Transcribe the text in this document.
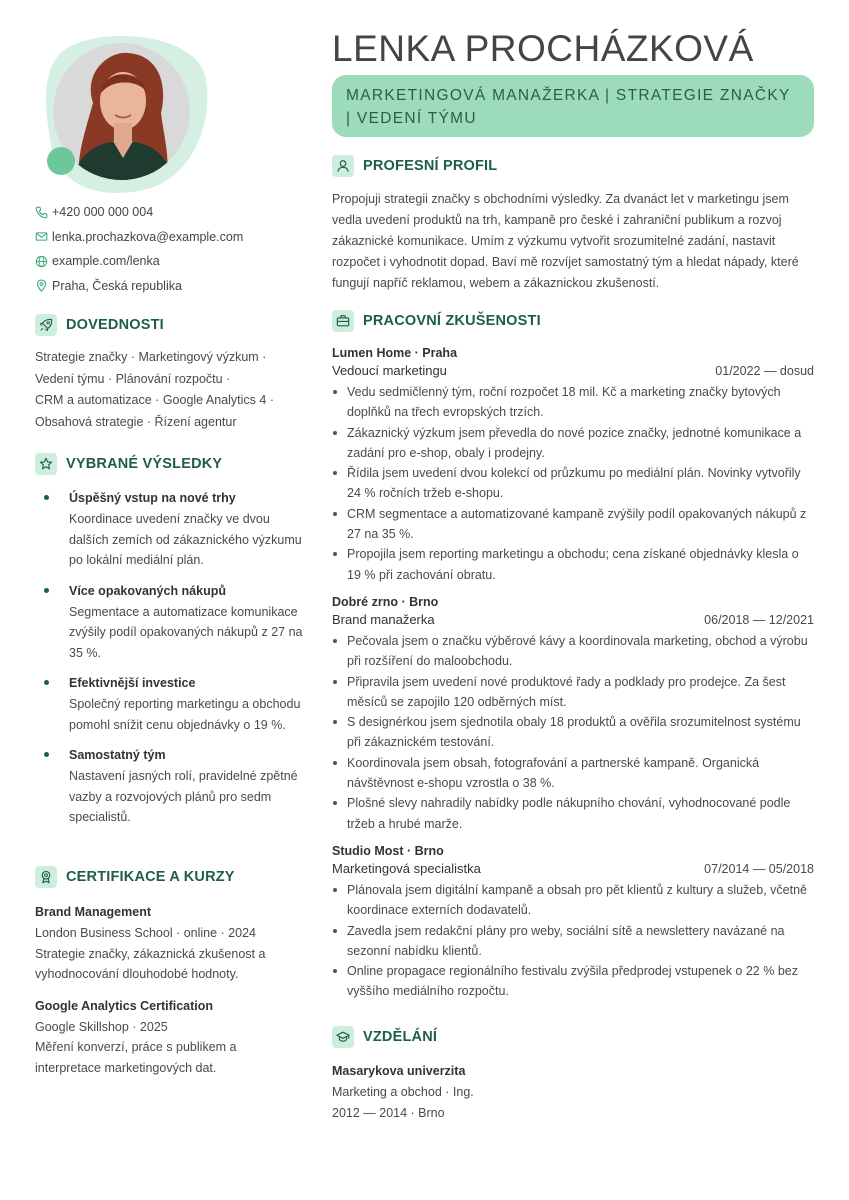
+420 000 000 004
lenka.prochazkova@example.com
example.com/lenka
Praha, Česká republika
DOVEDNOSTI
Strategie značky · Marketingový výzkum ·
Vedení týmu · Plánování rozpočtu ·
CRM a automatizace · Google Analytics 4 ·
Obsahová strategie · Řízení agentur
VYBRANÉ VÝSLEDKY
Úspěšný vstup na nové trhy
Koordinace uvedení značky ve dvou dalších zemích od zákaznického výzkumu po lokální mediální plán.
Více opakovaných nákupů
Segmentace a automatizace komunikace zvýšily podíl opakovaných nákupů z 27 na 35 %.
Efektivnější investice
Společný reporting marketingu a obchodu pomohl snížit cenu objednávky o 19 %.
Samostatný tým
Nastavení jasných rolí, pravidelné zpětné vazby a rozvojových plánů pro sedm specialistů.
CERTIFIKACE A KURZY
Brand Management
London Business School · online · 2024
Strategie značky, zákaznická zkušenost a vyhodnocování dlouhodobé hodnoty.
Google Analytics Certification
Google Skillshop · 2025
Měření konverzí, práce s publikem a interpretace marketingových dat.
LENKA PROCHÁZKOVÁ
MARKETINGOVÁ MANAŽERKA | STRATEGIE ZNAČKY | VEDENÍ TÝMU
PROFESNÍ PROFIL
Propojuji strategii značky s obchodními výsledky. Za dvanáct let v marketingu jsem vedla uvedení produktů na trh, kampaně pro české i zahraniční publikum a rozvoj zákaznické komunikace. Umím z výzkumu vytvořit srozumitelné zadání, nastavit rozpočet i vyhodnotit dopad. Baví mě rozvíjet samostatný tým a hledat nápady, které fungují napříč reklamou, webem a zákaznickou zkušeností.
PRACOVNÍ ZKUŠENOSTI
Lumen Home · Praha
Vedoucí marketingu	01/2022 — dosud
Vedu sedmičlenný tým, roční rozpočet 18 mil. Kč a marketing značky bytových doplňků na třech evropských trzích.
Zákaznický výzkum jsem převedla do nové pozice značky, jednotné komunikace a zadání pro e-shop, obaly i prodejny.
Řídila jsem uvedení dvou kolekcí od průzkumu po mediální plán. Novinky vytvořily 24 % ročních tržeb e-shopu.
CRM segmentace a automatizované kampaně zvýšily podíl opakovaných nákupů z 27 na 35 %.
Propojila jsem reporting marketingu a obchodu; cena získané objednávky klesla o 19 % při zachování obratu.
Dobré zrno · Brno
Brand manažerka	06/2018 — 12/2021
Pečovala jsem o značku výběrové kávy a koordinovala marketing, obchod a výrobu při rozšíření do maloobchodu.
Připravila jsem uvedení nové produktové řady a podklady pro prodejce. Za šest měsíců se zapojilo 120 odběrných míst.
S designérkou jsem sjednotila obaly 18 produktů a ověřila srozumitelnost systému při zákaznickém testování.
Koordinovala jsem obsah, fotografování a partnerské kampaně. Organická návštěvnost e-shopu vzrostla o 38 %.
Plošné slevy nahradily nabídky podle nákupního chování, vyhodnocované podle tržeb a hrubé marže.
Studio Most · Brno
Marketingová specialistka	07/2014 — 05/2018
Plánovala jsem digitální kampaně a obsah pro pět klientů z kultury a služeb, včetně koordinace externích dodavatelů.
Zavedla jsem redakční plány pro weby, sociální sítě a newslettery navázané na sezonní nabídku klientů.
Online propagace regionálního festivalu zvýšila předprodej vstupenek o 22 % bez vyššího mediálního rozpočtu.
VZDĚLÁNÍ
Masarykova univerzita
Marketing a obchod · Ing.
2012 — 2014 · Brno
